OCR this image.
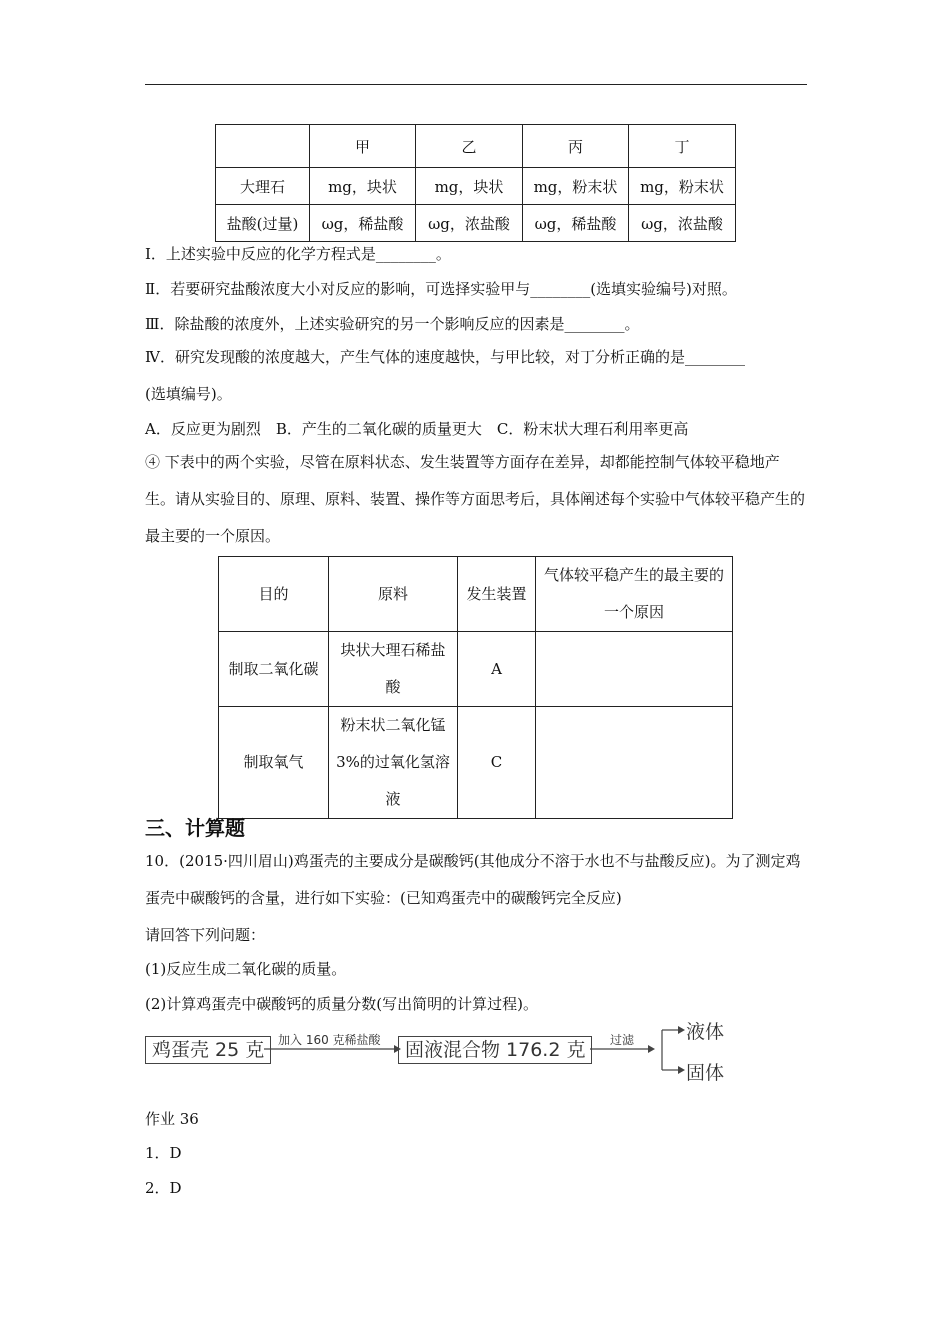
	甲	乙	丙	丁
大理石	mg，块状	mg，块状	mg，粉末状	mg，粉末状
盐酸(过量)	ωg，稀盐酸	ωg，浓盐酸	ωg，稀盐酸	ωg，浓盐酸
Ⅰ．上述实验中反应的化学方程式是________。
Ⅱ．若要研究盐酸浓度大小对反应的影响，可选择实验甲与________(选填实验编号)对照。
Ⅲ．除盐酸的浓度外，上述实验研究的另一个影响反应的因素是________。
Ⅳ．研究发现酸的浓度越大，产生气体的速度越快，与甲比较，对丁分析正确的是________
(选填编号)。
A．反应更为剧烈　B．产生的二氧化碳的质量更大　C．粉末状大理石利用率更高
④ 下表中的两个实验，尽管在原料状态、发生装置等方面存在差异，却都能控制气体较平稳地产生。请从实验目的、原理、原料、装置、操作等方面思考后，具体阐述每个实验中气体较平稳产生的最主要的一个原因。
目的	原料	发生装置	气体较平稳产生的最主要的一个原因
制取二氧化碳	块状大理石稀盐酸	A	
制取氧气	粉末状二氧化锰3%的过氧化氢溶液	C	
三、计算题
10．(2015·四川眉山)鸡蛋壳的主要成分是碳酸钙(其他成分不溶于水也不与盐酸反应)。为了测定鸡蛋壳中碳酸钙的含量，进行如下实验：(已知鸡蛋壳中的碳酸钙完全反应)
请回答下列问题：
(1)反应生成二氧化碳的质量。
(2)计算鸡蛋壳中碳酸钙的质量分数(写出简明的计算过程)。
鸡蛋壳 25 克	加入 160 克稀盐酸	固液混合物 176.2 克	过滤	液体
固体
作业 36
1．D
2．D
